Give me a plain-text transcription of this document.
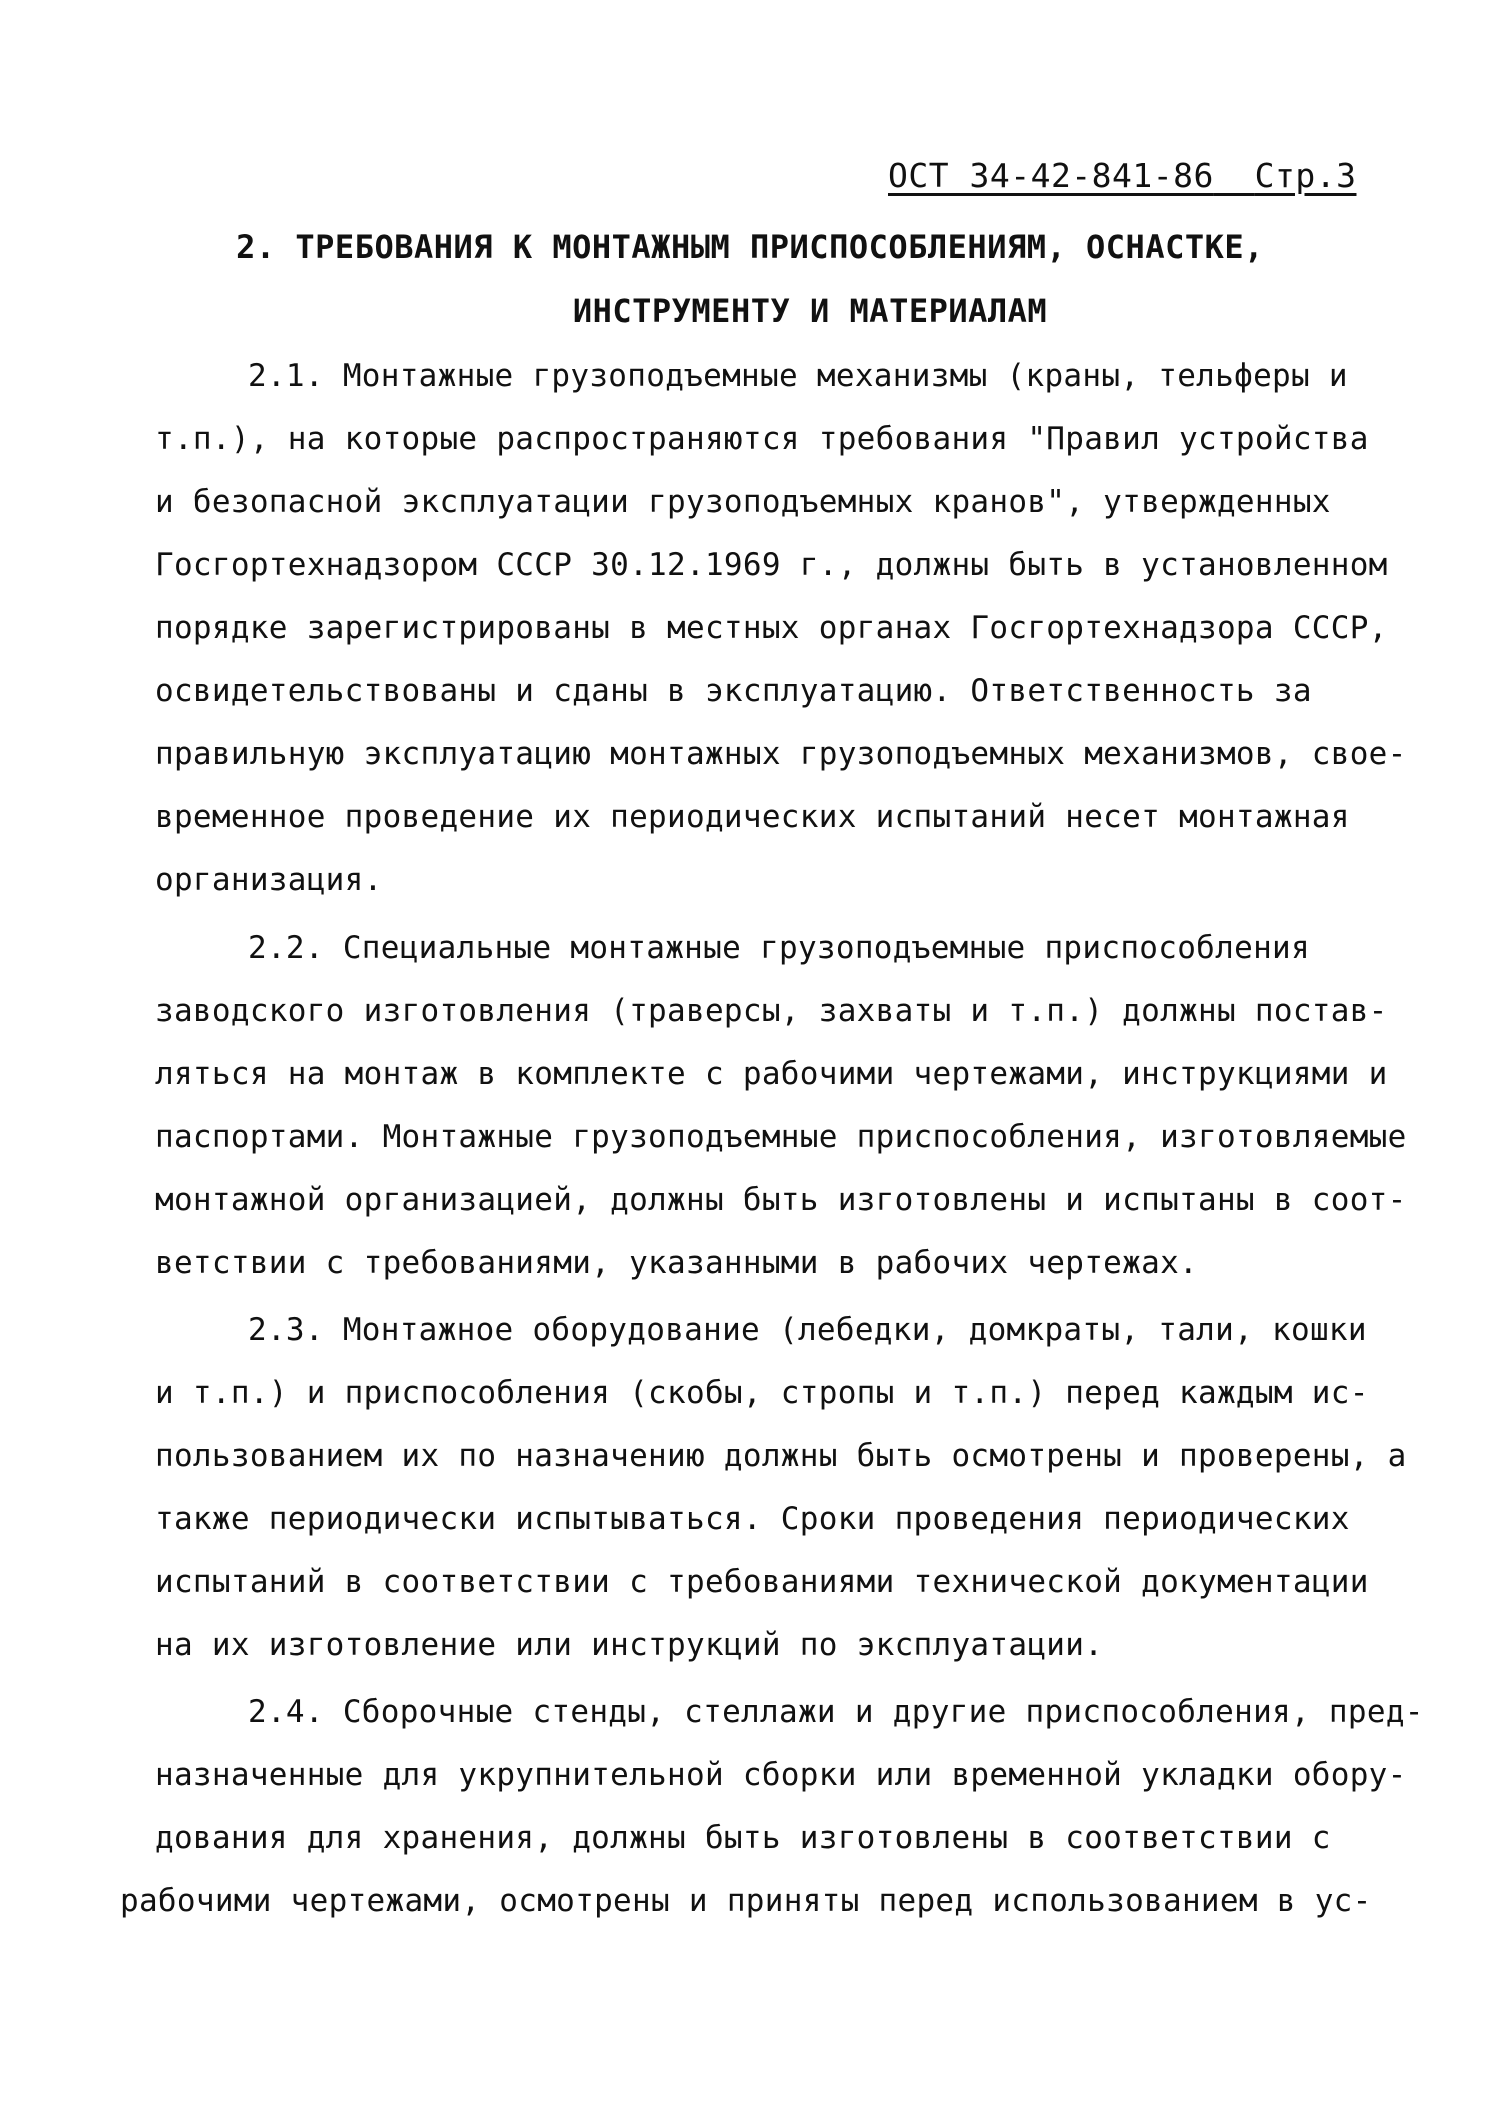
ОСТ 34-42-841-86 Стр.3
2. ТРЕБОВАНИЯ К МОНТАЖНЫМ ПРИСПОСОБЛЕНИЯМ, ОСНАСТКЕ,
ИНСТРУМЕНТУ И МАТЕРИАЛАМ
2.1. Монтажные грузоподъемные механизмы (краны, тельферы и
т.п.), на которые распространяются требования "Правил устройства
и безопасной эксплуатации грузоподъемных кранов", утвержденных
Госгортехнадзором СССР 30.12.1969 г., должны быть в установленном
порядке зарегистрированы в местных органах Госгортехнадзора СССР,
освидетельствованы и сданы в эксплуатацию. Ответственность за
правильную эксплуатацию монтажных грузоподъемных механизмов, свое-
временное проведение их периодических испытаний несет монтажная
организация.
2.2. Специальные монтажные грузоподъемные приспособления
заводского изготовления (траверсы, захваты и т.п.) должны постав-
ляться на монтаж в комплекте с рабочими чертежами, инструкциями и
паспортами. Монтажные грузоподъемные приспособления, изготовляемые
монтажной организацией, должны быть изготовлены и испытаны в соот-
ветствии с требованиями, указанными в рабочих чертежах.
2.3. Монтажное оборудование (лебедки, домкраты, тали, кошки
и т.п.) и приспособления (скобы, стропы и т.п.) перед каждым ис-
пользованием их по назначению должны быть осмотрены и проверены, а
также периодически испытываться. Сроки проведения периодических
испытаний в соответствии с требованиями технической документации
на их изготовление или инструкций по эксплуатации.
2.4. Сборочные стенды, стеллажи и другие приспособления, пред-
назначенные для укрупнительной сборки или временной укладки обору-
дования для хранения, должны быть изготовлены в соответствии с
рабочими чертежами, осмотрены и приняты перед использованием в ус-
